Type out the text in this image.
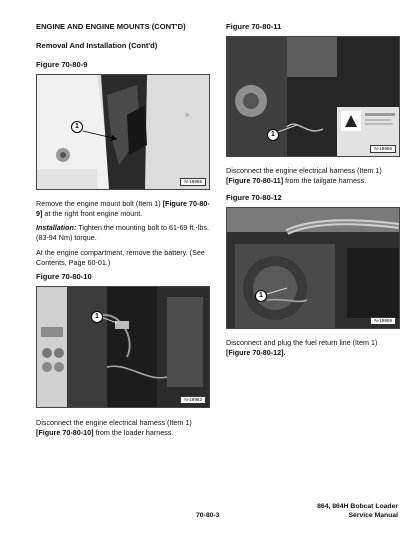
ENGINE AND ENGINE MOUNTS (CONT'D)
Removal And Installation (Cont'd)
Figure 70-80-9
1
N-19955
Remove the engine mount bolt (Item 1) [Figure 70-80-9] at the right front engine mount.
Installation: Tighten the mounting bolt to 61-69 ft.-lbs. (83-94 Nm) torque.
At the engine compartment, remove the battery. (See Contents, Page 60-01.)
Figure 70-80-10
1
N-19963
Disconnect the engine electrical harness (Item 1) [Figure 70-80-10] from the loader harness.
Figure 70-80-11
1
N-19956
Disconnect the engine electrical harness (Item 1) [Figure 70-80-11] from the tailgate harness.
Figure 70-80-12
1
N-19959
Disconnect and plug the fuel return line (Item 1) [Figure 70-80-12].
70-80-3
864, 864H Bobcat Loader
Service Manual
